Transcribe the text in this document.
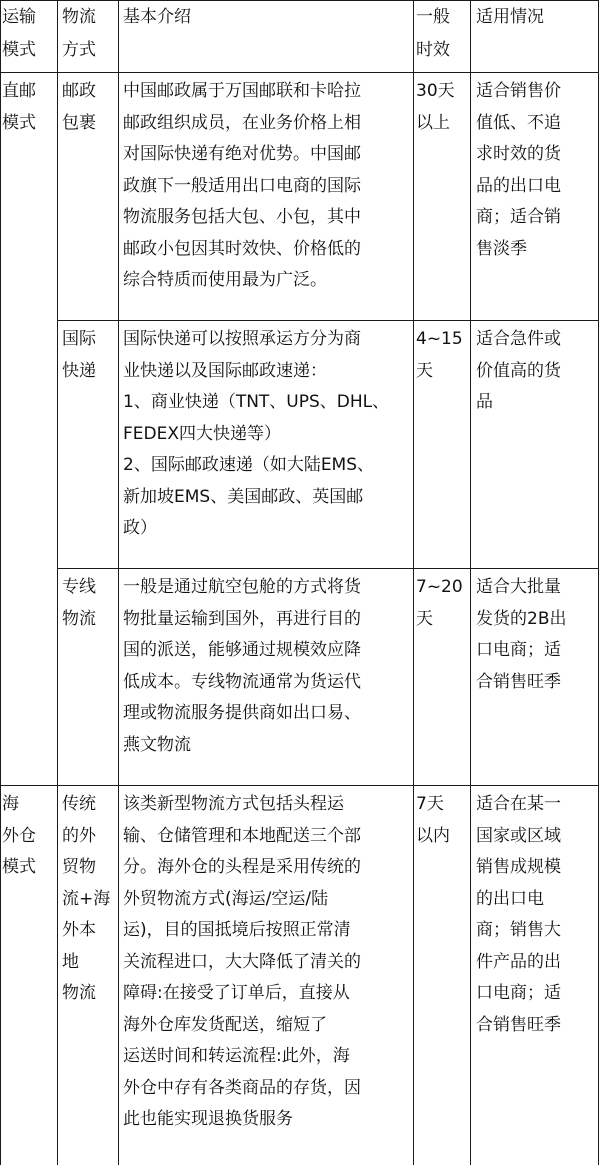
运输
模式
物流
方式
基本介绍	一般
时效
适用情况
直邮
模式
邮政
包裹
中国邮政属于万国邮联和卡哈拉
邮政组织成员，在业务价格上相
对国际快递有绝对优势。中国邮
政旗下一般适用出口电商的国际
物流服务包括大包、小包，其中
邮政小包因其时效快、价格低的
综合特质而使用最为广泛。
30天
以上
适合销售价
值低、不追
求时效的货
品的出口电
商；适合销
售淡季
国际
快递
国际快递可以按照承运方分为商
业快递以及国际邮政速递：
1、商业快递（TNT、UPS、DHL、
FEDEX四大快递等）
2、国际邮政速递（如大陆EMS、
新加坡EMS、美国邮政、英国邮
政）
4~15
天
适合急件或
价值高的货
品
专线
物流
一般是通过航空包舱的方式将货
物批量运输到国外，再进行目的
国的派送，能够通过规模效应降
低成本。专线物流通常为货运代
理或物流服务提供商如出口易、
燕文物流
7~20
天
适合大批量
发货的2B出
口电商；适
合销售旺季
海
外仓
模式
传统
的外
贸物
流+海
外本
地
物流
该类新型物流方式包括头程运
输、仓储管理和本地配送三个部
分。海外仓的头程是采用传统的
外贸物流方式(海运/空运/陆
运)，目的国抵境后按照正常清
关流程进口，大大降低了清关的
障碍:在接受了订单后，直接从
海外仓库发货配送，缩短了
运送时间和转运流程:此外，海
外仓中存有各类商品的存货，因
此也能实现退换货服务
7天
以内
适合在某一
国家或区域
销售成规模
的出口电
商；销售大
件产品的出
口电商；适
合销售旺季
